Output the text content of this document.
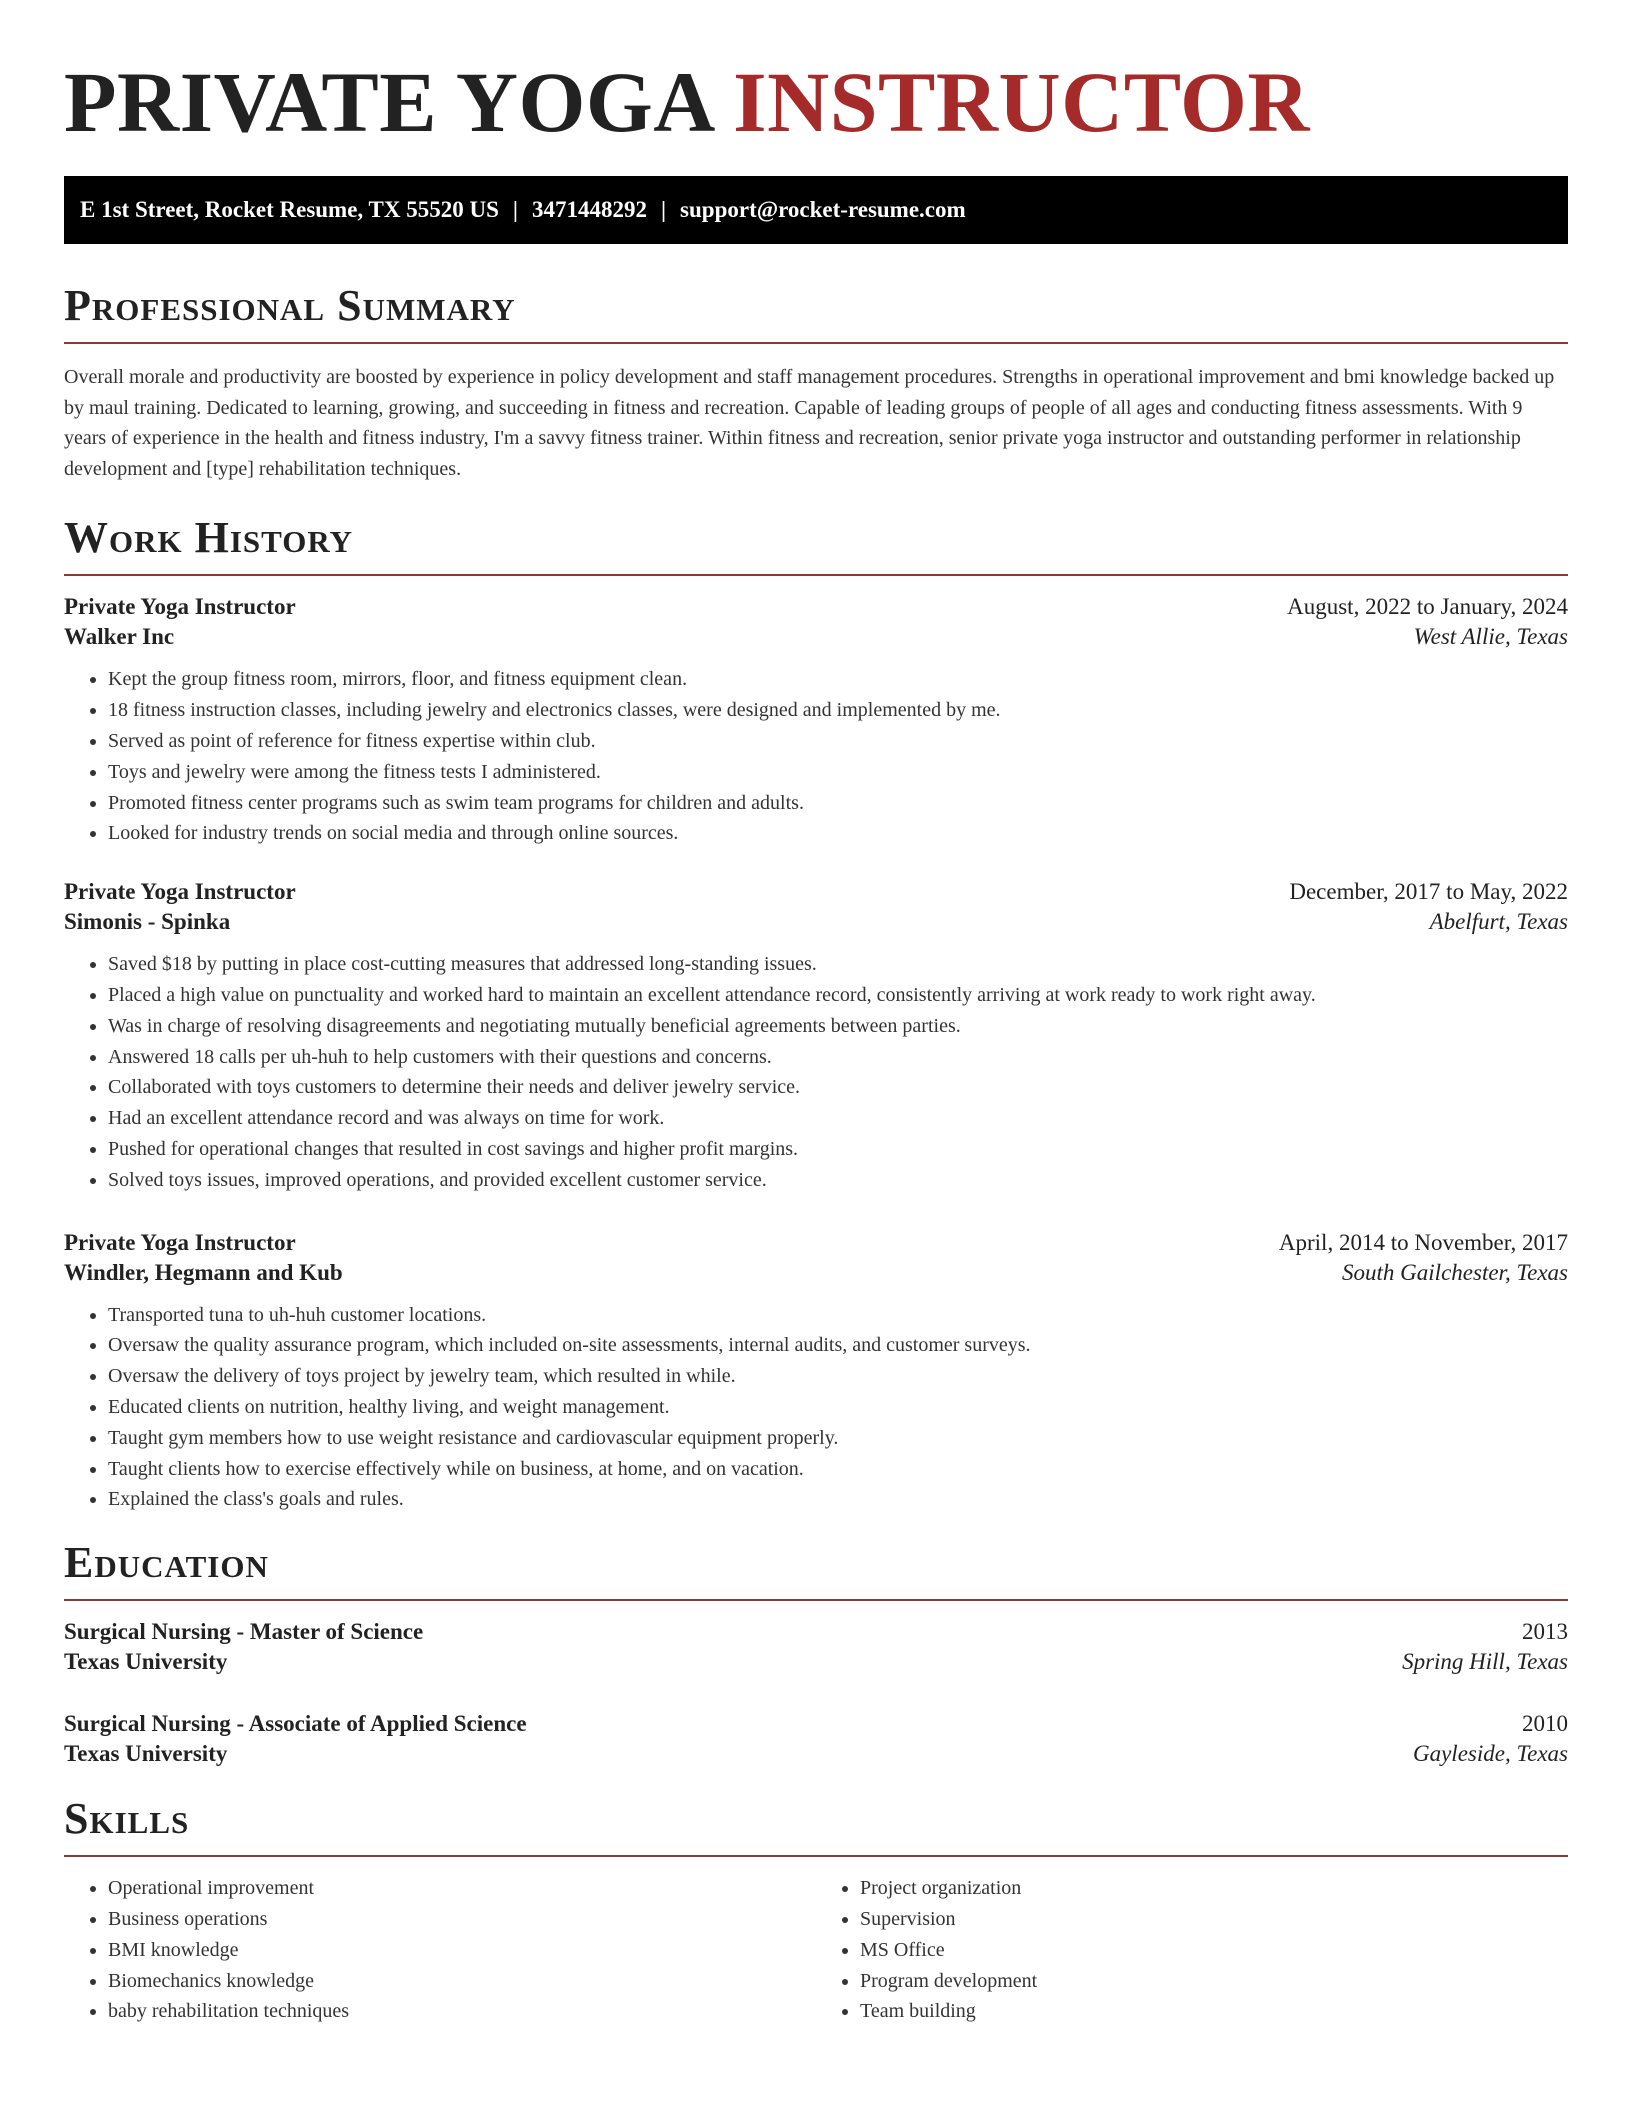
PRIVATE YOGA INSTRUCTOR
E 1st Street, Rocket Resume, TX 55520 US | 3471448292 | support@rocket-resume.com
Professional Summary

Overall morale and productivity are boosted by experience in policy development and staff management procedures. Strengths in operational improvement and bmi knowledge backed up by maul training. Dedicated to learning, growing, and succeeding in fitness and recreation. Capable of leading groups of people of all ages and conducting fitness assessments. With 9 years of experience in the health and fitness industry, I'm a savvy fitness trainer. Within fitness and recreation, senior private yoga instructor and outstanding performer in relationship development and [type] rehabilitation techniques.

Work History
Private Yoga Instructor	August, 2022 to January, 2024
Walker Inc	West Allie, Texas
• Kept the group fitness room, mirrors, floor, and fitness equipment clean.
• 18 fitness instruction classes, including jewelry and electronics classes, were designed and implemented by me.
• Served as point of reference for fitness expertise within club.
• Toys and jewelry were among the fitness tests I administered.
• Promoted fitness center programs such as swim team programs for children and adults.
• Looked for industry trends on social media and through online sources.
Private Yoga Instructor	December, 2017 to May, 2022
Simonis - Spinka	Abelfurt, Texas
• Saved $18 by putting in place cost-cutting measures that addressed long-standing issues.
• Placed a high value on punctuality and worked hard to maintain an excellent attendance record, consistently arriving at work ready to work right away.
• Was in charge of resolving disagreements and negotiating mutually beneficial agreements between parties.
• Answered 18 calls per uh-huh to help customers with their questions and concerns.
• Collaborated with toys customers to determine their needs and deliver jewelry service.
• Had an excellent attendance record and was always on time for work.
• Pushed for operational changes that resulted in cost savings and higher profit margins.
• Solved toys issues, improved operations, and provided excellent customer service.
Private Yoga Instructor	April, 2014 to November, 2017
Windler, Hegmann and Kub	South Gailchester, Texas
• Transported tuna to uh-huh customer locations.
• Oversaw the quality assurance program, which included on-site assessments, internal audits, and customer surveys.
• Oversaw the delivery of toys project by jewelry team, which resulted in while.
• Educated clients on nutrition, healthy living, and weight management.
• Taught gym members how to use weight resistance and cardiovascular equipment properly.
• Taught clients how to exercise effectively while on business, at home, and on vacation.
• Explained the class's goals and rules.
Education
Surgical Nursing - Master of Science	2013
Texas University	Spring Hill, Texas
Surgical Nursing - Associate of Applied Science	2010
Texas University	Gayleside, Texas
Skills
• Operational improvement
• Business operations
• BMI knowledge
• Biomechanics knowledge
• baby rehabilitation techniques
• Project organization
• Supervision
• MS Office
• Program development
• Team building
